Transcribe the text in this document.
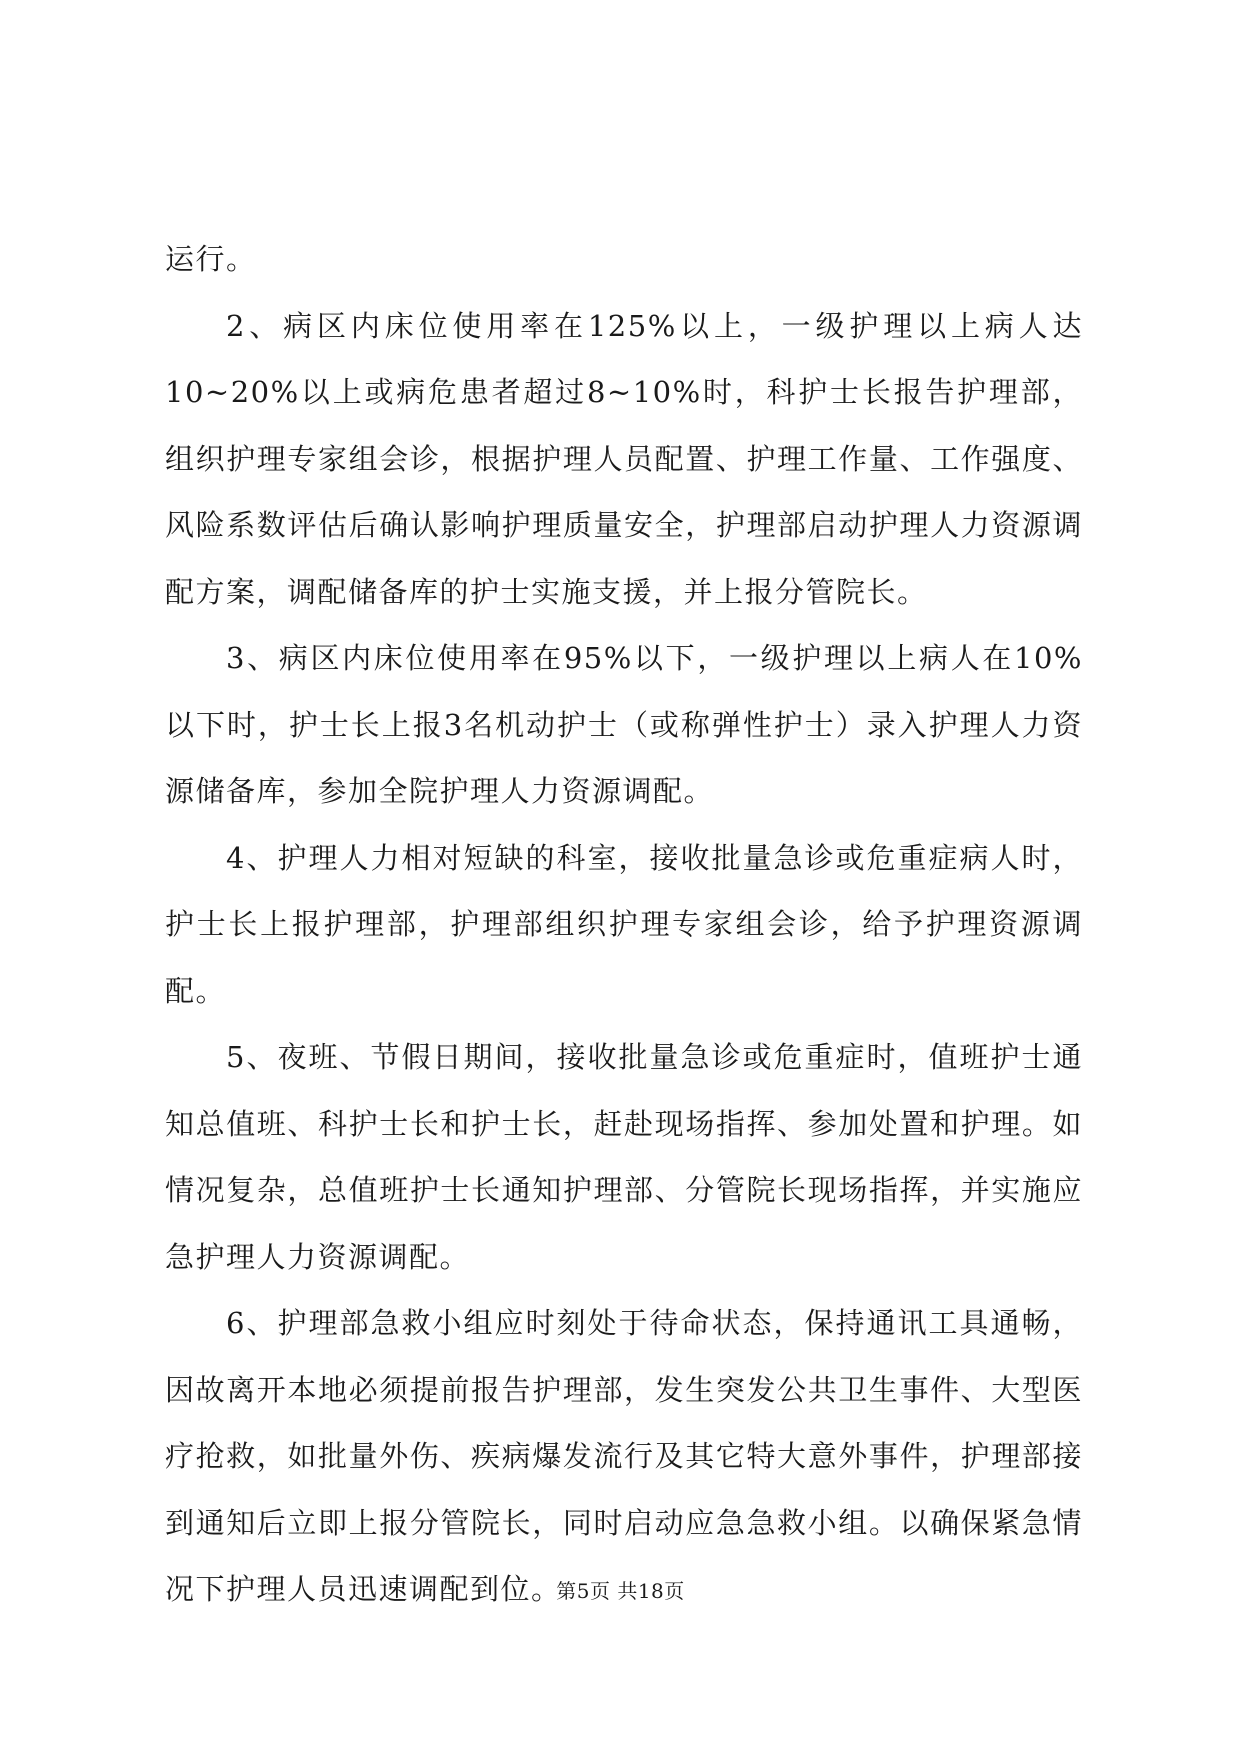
运行。

2、病区内床位使用率在125%以上，一级护理以上病人达10~20%以上或病危患者超过8~10%时，科护士长报告护理部，组织护理专家组会诊，根据护理人员配置、护理工作量、工作强度、风险系数评估后确认影响护理质量安全，护理部启动护理人力资源调配方案，调配储备库的护士实施支援，并上报分管院长。

3、病区内床位使用率在95%以下，一级护理以上病人在10%以下时，护士长上报3名机动护士（或称弹性护士）录入护理人力资源储备库，参加全院护理人力资源调配。

4、护理人力相对短缺的科室，接收批量急诊或危重症病人时，护士长上报护理部，护理部组织护理专家组会诊，给予护理资源调配。

5、夜班、节假日期间，接收批量急诊或危重症时，值班护士通知总值班、科护士长和护士长，赶赴现场指挥、参加处置和护理。如情况复杂，总值班护士长通知护理部、分管院长现场指挥，并实施应急护理人力资源调配。

6、护理部急救小组应时刻处于待命状态，保持通讯工具通畅，因故离开本地必须提前报告护理部，发生突发公共卫生事件、大型医疗抢救，如批量外伤、疾病爆发流行及其它特大意外事件，护理部接到通知后立即上报分管院长，同时启动应急急救小组。以确保紧急情况下护理人员迅速调配到位。

第5页 共18页
